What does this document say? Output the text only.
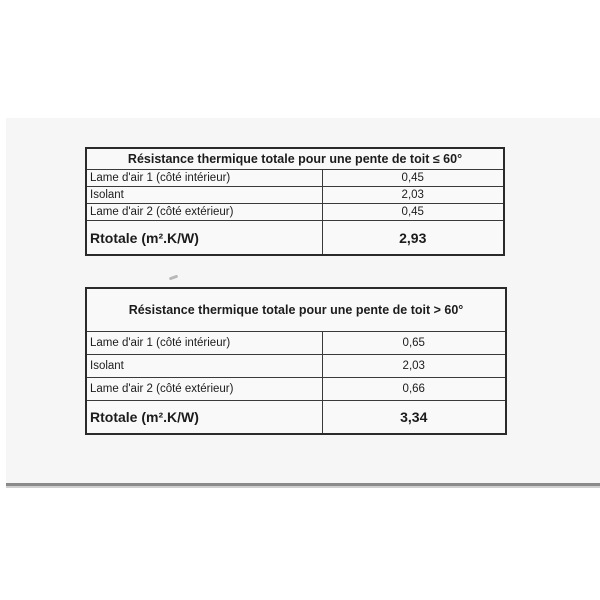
Résistance thermique totale pour une pente de toit ≤ 60°	
Lame d'air 1 (côté intérieur)	0,45
Isolant	2,03
Lame d'air 2 (côté extérieur)	0,45
Rtotale (m².K/W)	2,93
Résistance thermique totale pour une pente de toit > 60°	
Lame d'air 1 (côté intérieur)	0,65
Isolant	2,03
Lame d'air 2 (côté extérieur)	0,66
Rtotale (m².K/W)	3,34
